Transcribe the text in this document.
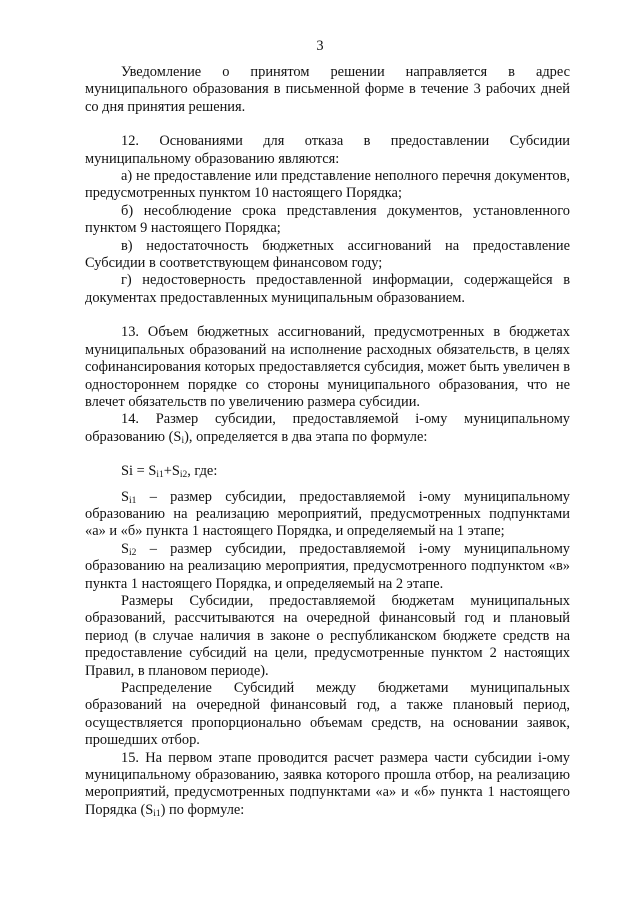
3

Уведомление о принятом решении направляется в адрес муниципального образования в письменной форме в течение 3 рабочих дней со дня принятия решения.

12. Основаниями для отказа в предоставлении Субсидии муниципальному образованию являются:

а) не предоставление или представление неполного перечня документов, предусмотренных пунктом 10 настоящего Порядка;

б) несоблюдение срока представления документов, установленного пунктом 9 настоящего Порядка;

в) недостаточность бюджетных ассигнований на предоставление Субсидии в соответствующем финансовом году;

г) недостоверность предоставленной информации, содержащейся в документах предоставленных муниципальным образованием.

13. Объем бюджетных ассигнований, предусмотренных в бюджетах муниципальных образований на исполнение расходных обязательств, в целях софинансирования которых предоставляется субсидия, может быть увеличен в одностороннем порядке со стороны муниципального образования, что не влечет обязательств по увеличению размера субсидии.

14. Размер субсидии, предоставляемой i-ому муниципальному образованию $(S_i)$, определяется в два этапа по формуле:

$Si = S_{i1}+S_{i2}$, где:

$S_{i1}$ – размер субсидии, предоставляемой i-ому муниципальному образованию на реализацию мероприятий, предусмотренных подпунктами «а» и «б» пункта 1 настоящего Порядка, и определяемый на 1 этапе;

$S_{i2}$ – размер субсидии, предоставляемой i-ому муниципальному образованию на реализацию мероприятия, предусмотренного подпунктом «в» пункта 1 настоящего Порядка, и определяемый на 2 этапе.

Размеры Субсидии, предоставляемой бюджетам муниципальных образований, рассчитываются на очередной финансовый год и плановый период (в случае наличия в законе о республиканском бюджете средств на предоставление субсидий на цели, предусмотренные пунктом 2 настоящих Правил, в плановом периоде).

Распределение Субсидий между бюджетами муниципальных образований на очередной финансовый год, а также плановый период, осуществляется пропорционально объемам средств, на основании заявок, прошедших отбор.

15. На первом этапе проводится расчет размера части субсидии i-ому муниципальному образованию, заявка которого прошла отбор, на реализацию мероприятий, предусмотренных подпунктами «а» и «б» пункта 1 настоящего Порядка $(S_{i1})$ по формуле:
